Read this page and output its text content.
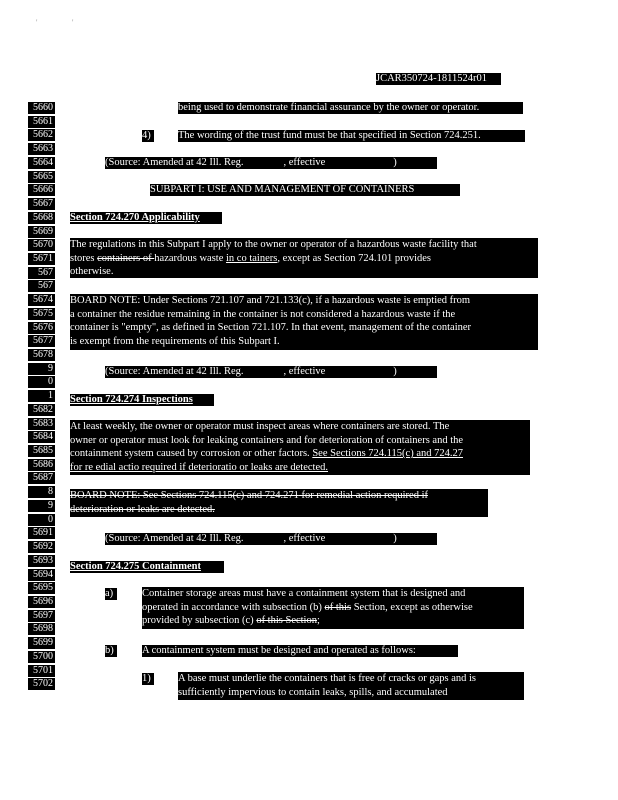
'	'
JCAR350724-1811524r01
5660
5661
5662
5663
5664
5665
5666
5667
5668
5669
5670
5671
567
567
5674
5675
5676
5677
5678
9
0
1
5682
5683
5684
5685
5686
5687
8
9
0
5691
5692
5693
5694
5695
5696
5697
5698
5699
5700
5701
5702
being used to demonstrate financial assurance by the owner or operator.
4)	The wording of the trust fund must be that specified in Section 724.251.
(Source: Amended at 42 Ill. Reg.	, effective	)
SUBPART I: USE AND MANAGEMENT OF CONTAINERS
Section 724.270 Applicability
The regulations in this Subpart I apply to the owner or operator of a hazardous waste facility that
stores containers of hazardous waste in co tainers, except as Section 724.101 provides
otherwise.
BOARD NOTE: Under Sections 721.107 and 721.133(c), if a hazardous waste is emptied from
a container the residue remaining in the container is not considered a hazardous waste if the
container is "empty", as defined in Section 721.107. In that event, management of the container
is exempt from the requirements of this Subpart I.
(Source: Amended at 42 Ill. Reg.	, effective	)
Section 724.274 Inspections
At least weekly, the owner or operator must inspect areas where containers are stored. The
owner or operator must look for leaking containers and for deterioration of containers and the
containment system caused by corrosion or other factors. See Sections 724.115(c) and 724.27
for re edial actio required if deterioratio or leaks are detected.
BOARD NOTE: See Sections 724.115(c) and 724.271 for remedial action required if
deterioration or leaks are detected.
(Source: Amended at 42 Ill. Reg.	, effective	)
Section 724.275 Containment
a)	Container storage areas must have a containment system that is designed and
operated in accordance with subsection (b) of this Section, except as otherwise
provided by subsection (c) of this Section;
b)	A containment system must be designed and operated as follows:
1)	A base must underlie the containers that is free of cracks or gaps and is
sufficiently impervious to contain leaks, spills, and accumulated
